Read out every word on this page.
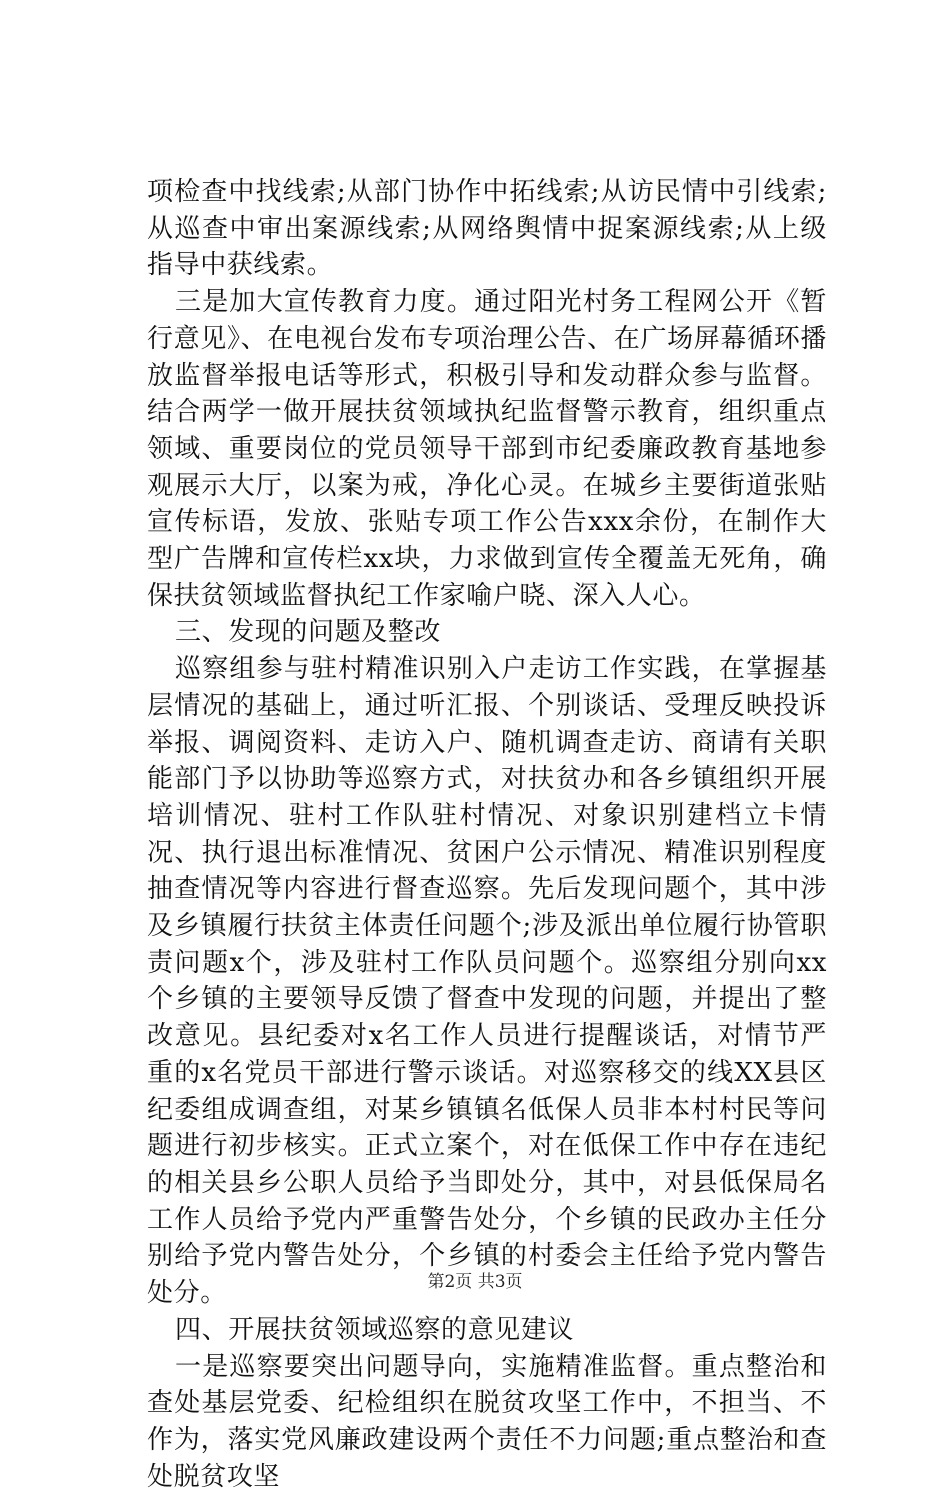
项检查中找线索;从部门协作中拓线索;从访民情中引线索;从巡查中审出案源线索;从网络舆情中捉案源线索;从上级指导中获线索。

三是加大宣传教育力度。通过阳光村务工程网公开《暂行意见》、在电视台发布专项治理公告、在广场屏幕循环播放监督举报电话等形式，积极引导和发动群众参与监督。结合两学一做开展扶贫领域执纪监督警示教育，组织重点领域、重要岗位的党员领导干部到市纪委廉政教育基地参观展示大厅，以案为戒，净化心灵。在城乡主要街道张贴宣传标语，发放、张贴专项工作公告xxx余份，在制作大型广告牌和宣传栏xx块，力求做到宣传全覆盖无死角，确保扶贫领域监督执纪工作家喻户晓、深入人心。

三、发现的问题及整改

巡察组参与驻村精准识别入户走访工作实践，在掌握基层情况的基础上，通过听汇报、个别谈话、受理反映投诉举报、调阅资料、走访入户、随机调查走访、商请有关职能部门予以协助等巡察方式，对扶贫办和各乡镇组织开展培训情况、驻村工作队驻村情况、对象识别建档立卡情况、执行退出标准情况、贫困户公示情况、精准识别程度抽查情况等内容进行督查巡察。先后发现问题个，其中涉及乡镇履行扶贫主体责任问题个;涉及派出单位履行协管职责问题x个，涉及驻村工作队员问题个。巡察组分别向xx个乡镇的主要领导反馈了督查中发现的问题，并提出了整改意见。县纪委对x名工作人员进行提醒谈话，对情节严重的x名党员干部进行警示谈话。对巡察移交的线XX县区纪委组成调查组，对某乡镇镇名低保人员非本村村民等问题进行初步核实。正式立案个，对在低保工作中存在违纪的相关县乡公职人员给予当即处分，其中，对县低保局名工作人员给予党内严重警告处分，个乡镇的民政办主任分别给予党内警告处分，个乡镇的村委会主任给予党内警告处分。

四、开展扶贫领域巡察的意见建议

一是巡察要突出问题导向，实施精准监督。重点整治和查处基层党委、纪检组织在脱贫攻坚工作中，不担当、不作为，落实党风廉政建设两个责任不力问题;重点整治和查处脱贫攻坚

第2页 共3页
